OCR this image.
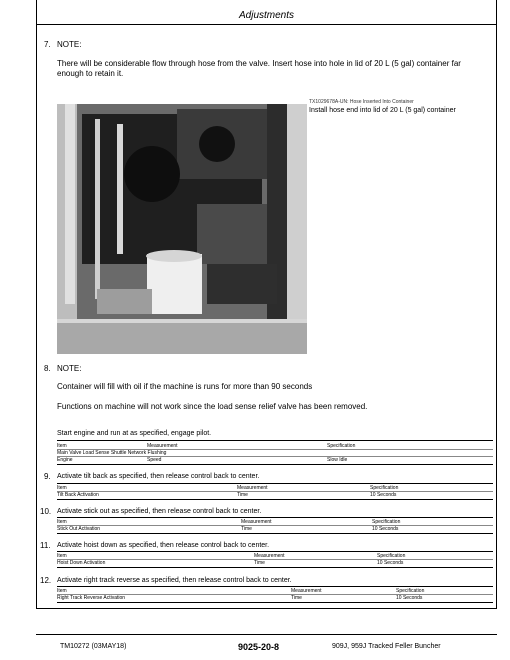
Adjustments
7. NOTE:
There will be considerable flow through hose from the valve. Insert hose into hole in lid of 20 L (5 gal) container far
enough to retain it.
TX1029678A-UN: Hose Inserted Into Container
Install hose end into lid of 20 L (5 gal) container
8. NOTE:
Container will fill with oil if the machine is runs for more than 90 seconds
Functions on machine will not work since the load sense relief valve has been removed.
Start engine and run at as specified, engage pilot.
Item	Measurement	Specification
Main Valve Load Sense Shuttle Network Flushing
Engine	Speed	Slow Idle
9. Activate tilt back as specified, then release control back to center.
Item	Measurement	Specification
Tilt Back Activation	Time	10 Seconds
10. Activate stick out as specified, then release control back to center.
Item	Measurement	Specification
Stick Out Activation	Time	10 Seconds
11. Activate hoist down as specified, then release control back to center.
Item	Measurement	Specification
Hoist Down Activation	Time	10 Seconds
12. Activate right track reverse as specified, then release control back to center.
Item	Measurement	Specification
Right Track Reverse Activation	Time	10 Seconds
TM10272 (03MAY18)	9025-20-8	909J, 959J Tracked Feller Buncher
